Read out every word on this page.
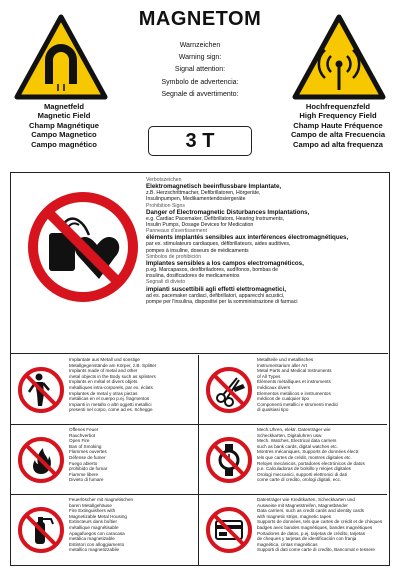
MAGNETOM
Warnzeichen
Warning sign:
Signal attention:
Symbolo de advertencia:
Segnale di avvertimento:
Magnetfeld
Magnetic Field
Champ Magnétique
Campo Magnetico
Campo magnético
Hochfrequenzfeld
High Frequency Field
Champ Haute Fréquence
Campo de alta Frecuencia
Campo ad alta frequenza
3 T
Verbotszeichen
Elektromagnetisch beeinflussbare Implantate,
z.B. Herzschrittmacher, Defibrillatoren, Hörgeräte,
Insulinpumpen, Medikamentendosiergeräte
Prohibition Signs
Danger of Electromagnetic Disturbances Implantations,
e.g. Cardiac Pacemaker, Defibrillators, Hearing Instruments,
Insulin Pumps, Dosage Devices for Medication
Panneaux d'avertissement
éléments implantés sensibles aux interférences électromagnétiques,
par ex. stimulateurs cardiaques, défibrillateurs, aides auditives,
pompes à insuline, doseurs de médicaments
Simbolos de prohibición
Implantes sensibles a los campos electromagnéticos,
p.eg. Marcapasos, desfibriladores, audífonos, bombas de
insulina, dosificadores de medicamentos
Segnali di divieto
impianti suscettibili agli effetti elettromagnetici,
ad es. pacemaker cardiaci, defibrillatori, apparecchi acustici,
pompe per l'insulina, dispositivi per la somministrazione di farmaci
Implantate aus Metall und sonstige
Metallgegenstände am Körper, z.B. Splitter
Implants made of metal and other
metal objects in the Body such as splinters
Implants en métal et divers objets
métalliques intra-corporels, par ex. éclats
Implantes de metal y otras piezas
metálicas en el cuerpo p.ej. fragmentos
Impianti in metallo o altri oggetti metallici
presenti nel corpo, come ad es. Schegge
Metallteile und metallisches
Instrumentarium aller Art
Metal Parts and Medical Instruments
of All Types
Éléments métalliques et instruments
médicaux divers
Elementos metálicos e instrumentos
médicos de cualquier tipo
Componenti metallici e strumenti medici
di qualsiasi tipo
Offenes Feuer
Rauchverbot
Open Fire
Ban of Smoking
Flammes ouvertes
Défense de fumer
Fuego abierto
prohibido de fumar
Fiamme libere
Divieto di fumare
Mech.Uhren, elektr. Datenträger wie
Scheckkarten, Digitaluhren usw.
Mech. Watches, Electrical data carriers
such as bank cards, digital watches etc.
Montres mécaniques, Supports de données électr.
tels que cartes de crédit, montres digitales etc.
Relojes mecánicos, portadores electrónicos de datos
p.e. Calculadoras de bolsillo y relojes digitales
Orologi meccanici, supporti elettronici di dati
come carte di credito, orologi digitali, ecc.
Feuerlöscher mit magnetischen
baren Metallgehäuse
Fire Extinguishers with
Magnetizable Metal Housing
Extincteurs dans boîtier
métallique magnétisable
Apagafuegos con caracasa
metálica magnetizable
Estintori con alloggiamento
metallico magnetizzabile
Datenträger wie Kreditkarten, Scheckkarten und
Ausweise mit Magnetstreifen, Magnetbänder
Data carriers, such as credit cards and identity cards
with magnetic strips, magnetic tapes
Supports de données, tels que cartes de crédit et de chèques
badges avec bandes magnétiques, bandes magnétiques
Portadores de datos, p.ej. tarjetas de crédito, tarjetas
de cheques y tarjetas de identificación con franja
magnética, cintas magnéticas
Supporti di dati come carte di credito, Bancomat e tessere
